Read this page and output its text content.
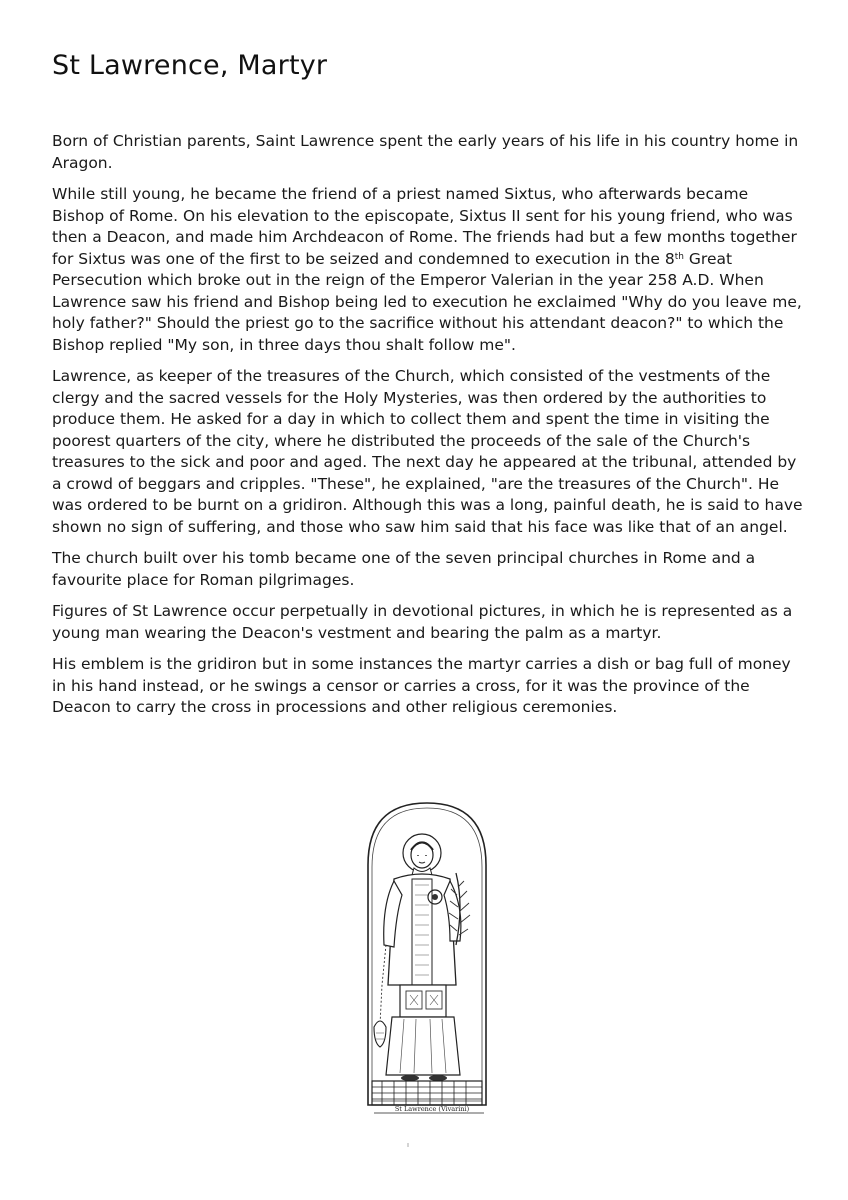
St Lawrence, Martyr

Born of Christian parents, Saint Lawrence spent the early years of his life in his country home in Aragon.

While still young, he became the friend of a priest named Sixtus, who afterwards became Bishop of Rome. On his elevation to the episcopate, Sixtus II sent for his young friend, who was then a Deacon, and made him Archdeacon of Rome. The friends had but a few months together for Sixtus was one of the first to be seized and condemned to execution in the 8th Great Persecution which broke out in the reign of the Emperor Valerian in the year 258 A.D. When Lawrence saw his friend and Bishop being led to execution he exclaimed "Why do you leave me, holy father?" Should the priest go to the sacrifice without his attendant deacon?" to which the Bishop replied "My son, in three days thou shalt follow me".

Lawrence, as keeper of the treasures of the Church, which consisted of the vestments of the clergy and the sacred vessels for the Holy Mysteries, was then ordered by the authorities to produce them. He asked for a day in which to collect them and spent the time in visiting the poorest quarters of the city, where he distributed the proceeds of the sale of the Church's treasures to the sick and poor and aged. The next day he appeared at the tribunal, attended by a crowd of beggars and cripples. "These", he explained, "are the treasures of the Church". He was ordered to be burnt on a gridiron. Although this was a long, painful death, he is said to have shown no sign of suffering, and those who saw him said that his face was like that of an angel.

The church built over his tomb became one of the seven principal churches in Rome and a favourite place for Roman pilgrimages.

Figures of St Lawrence occur perpetually in devotional pictures, in which he is represented as a young man wearing the Deacon's vestment and bearing the palm as a martyr.

His emblem is the gridiron but in some instances the martyr carries a dish or bag full of money in his hand instead, or he swings a censor or carries a cross, for it was the province of the Deacon to carry the cross in processions and other religious ceremonies.

St Lawrence (Vivarini)
